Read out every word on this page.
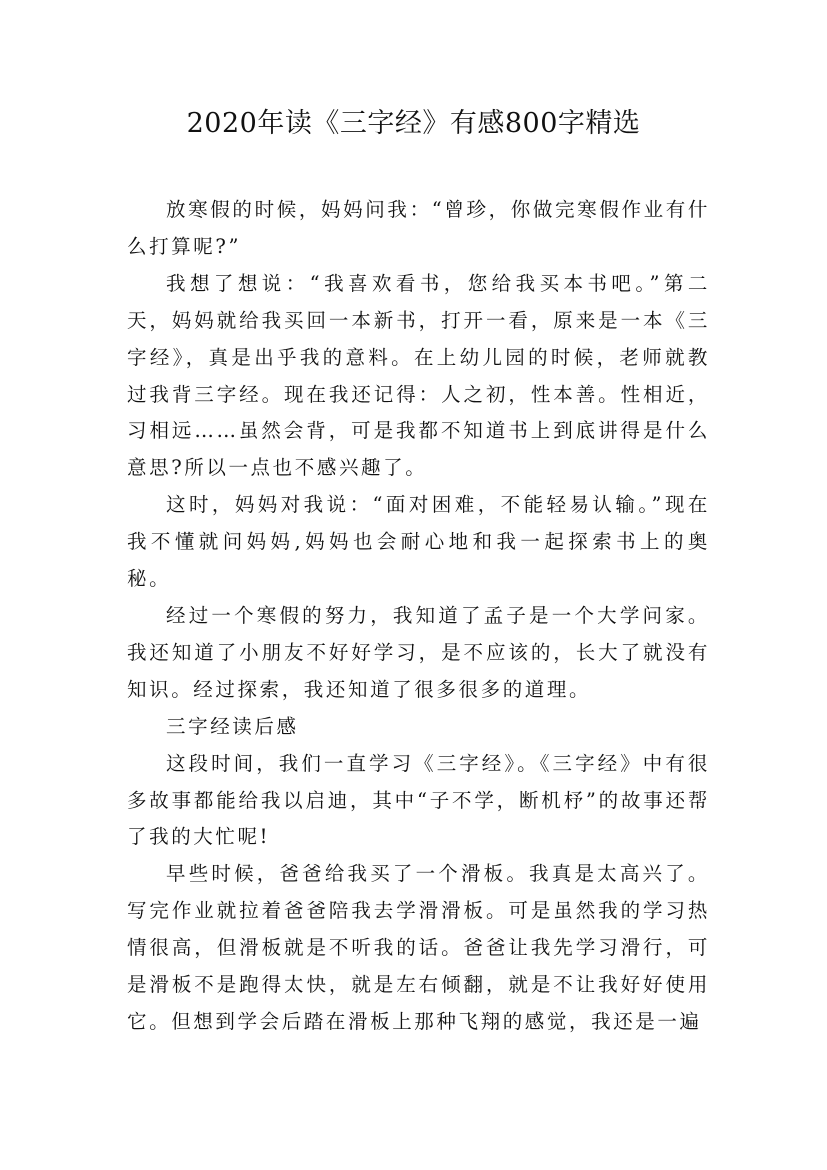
2020年读《三字经》有感800字精选

放寒假的时候，妈妈问我：“曾珍，你做完寒假作业有什么打算呢?”

我想了想说：“我喜欢看书，您给我买本书吧。”第二天，妈妈就给我买回一本新书，打开一看，原来是一本《三字经》，真是出乎我的意料。在上幼儿园的时候，老师就教过我背三字经。现在我还记得：人之初，性本善。性相近，习相远……虽然会背，可是我都不知道书上到底讲得是什么意思?所以一点也不感兴趣了。

这时，妈妈对我说：“面对困难，不能轻易认输。”现在我不懂就问妈妈,妈妈也会耐心地和我一起探索书上的奥秘。

经过一个寒假的努力，我知道了孟子是一个大学问家。我还知道了小朋友不好好学习，是不应该的，长大了就没有知识。经过探索，我还知道了很多很多的道理。

三字经读后感

这段时间，我们一直学习《三字经》。《三字经》中有很多故事都能给我以启迪，其中“子不学，断机杼”的故事还帮了我的大忙呢!

早些时候，爸爸给我买了一个滑板。我真是太高兴了。写完作业就拉着爸爸陪我去学滑滑板。可是虽然我的学习热情很高，但滑板就是不听我的话。爸爸让我先学习滑行，可是滑板不是跑得太快，就是左右倾翻，就是不让我好好使用它。但想到学会后踏在滑板上那种飞翔的感觉，我还是一遍
